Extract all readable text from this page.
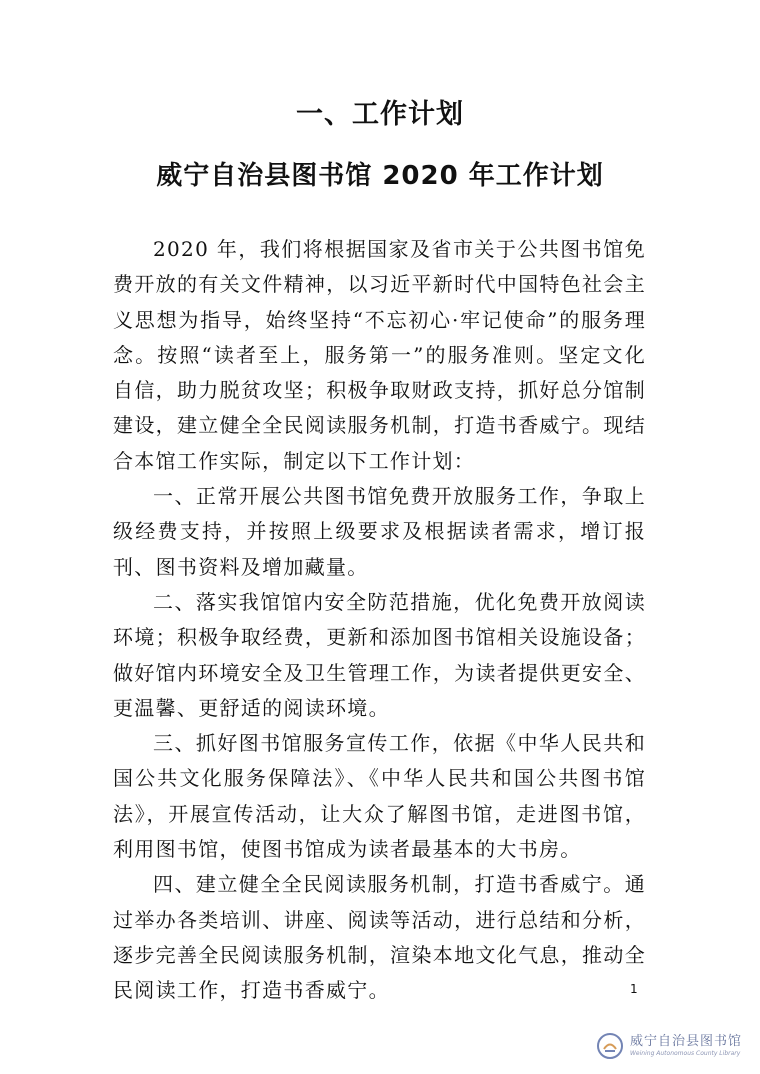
一、工作计划
威宁自治县图书馆 2020 年工作计划

2020 年，我们将根据国家及省市关于公共图书馆免费开放的有关文件精神，以习近平新时代中国特色社会主义思想为指导，始终坚持“不忘初心·牢记使命”的服务理念。按照“读者至上，服务第一”的服务准则。坚定文化自信，助力脱贫攻坚；积极争取财政支持，抓好总分馆制建设，建立健全全民阅读服务机制，打造书香威宁。现结合本馆工作实际，制定以下工作计划：

一、正常开展公共图书馆免费开放服务工作，争取上级经费支持，并按照上级要求及根据读者需求，增订报刊、图书资料及增加藏量。

二、落实我馆馆内安全防范措施，优化免费开放阅读环境；积极争取经费，更新和添加图书馆相关设施设备；做好馆内环境安全及卫生管理工作，为读者提供更安全、更温馨、更舒适的阅读环境。

三、抓好图书馆服务宣传工作，依据《中华人民共和国公共文化服务保障法》、《中华人民共和国公共图书馆法》，开展宣传活动，让大众了解图书馆，走进图书馆，利用图书馆，使图书馆成为读者最基本的大书房。

四、建立健全全民阅读服务机制，打造书香威宁。通过举办各类培训、讲座、阅读等活动，进行总结和分析，逐步完善全民阅读服务机制，渲染本地文化气息，推动全民阅读工作，打造书香威宁。	1
威宁自治县图书馆
Weining Autonomous County Library
